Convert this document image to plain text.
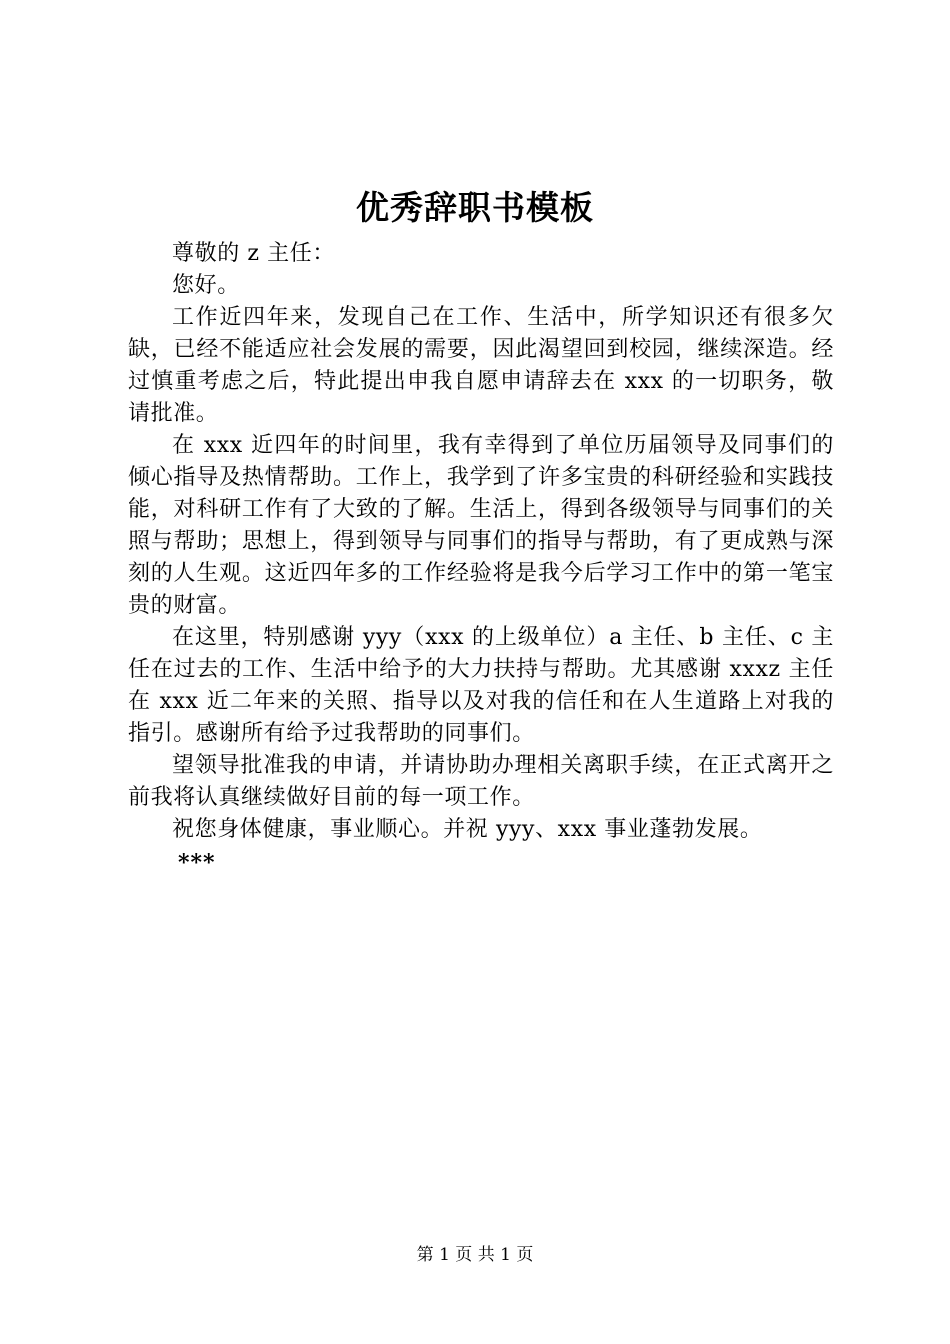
优秀辞职书模板

尊敬的 z 主任：

您好。

工作近四年来，发现自己在工作、生活中，所学知识还有很多欠缺，已经不能适应社会发展的需要，因此渴望回到校园，继续深造。经过慎重考虑之后，特此提出申我自愿申请辞去在 xxx 的一切职务，敬请批准。

在 xxx 近四年的时间里，我有幸得到了单位历届领导及同事们的倾心指导及热情帮助。工作上，我学到了许多宝贵的科研经验和实践技能，对科研工作有了大致的了解。生活上，得到各级领导与同事们的关照与帮助；思想上，得到领导与同事们的指导与帮助，有了更成熟与深刻的人生观。这近四年多的工作经验将是我今后学习工作中的第一笔宝贵的财富。

在这里，特别感谢 yyy（xxx 的上级单位）a 主任、b 主任、c 主任在过去的工作、生活中给予的大力扶持与帮助。尤其感谢 xxxz 主任在 xxx 近二年来的关照、指导以及对我的信任和在人生道路上对我的指引。感谢所有给予过我帮助的同事们。

望领导批准我的申请，并请协助办理相关离职手续，在正式离开之前我将认真继续做好目前的每一项工作。

祝您身体健康，事业顺心。并祝 yyy、xxx 事业蓬勃发展。

***

第 1 页 共 1 页
